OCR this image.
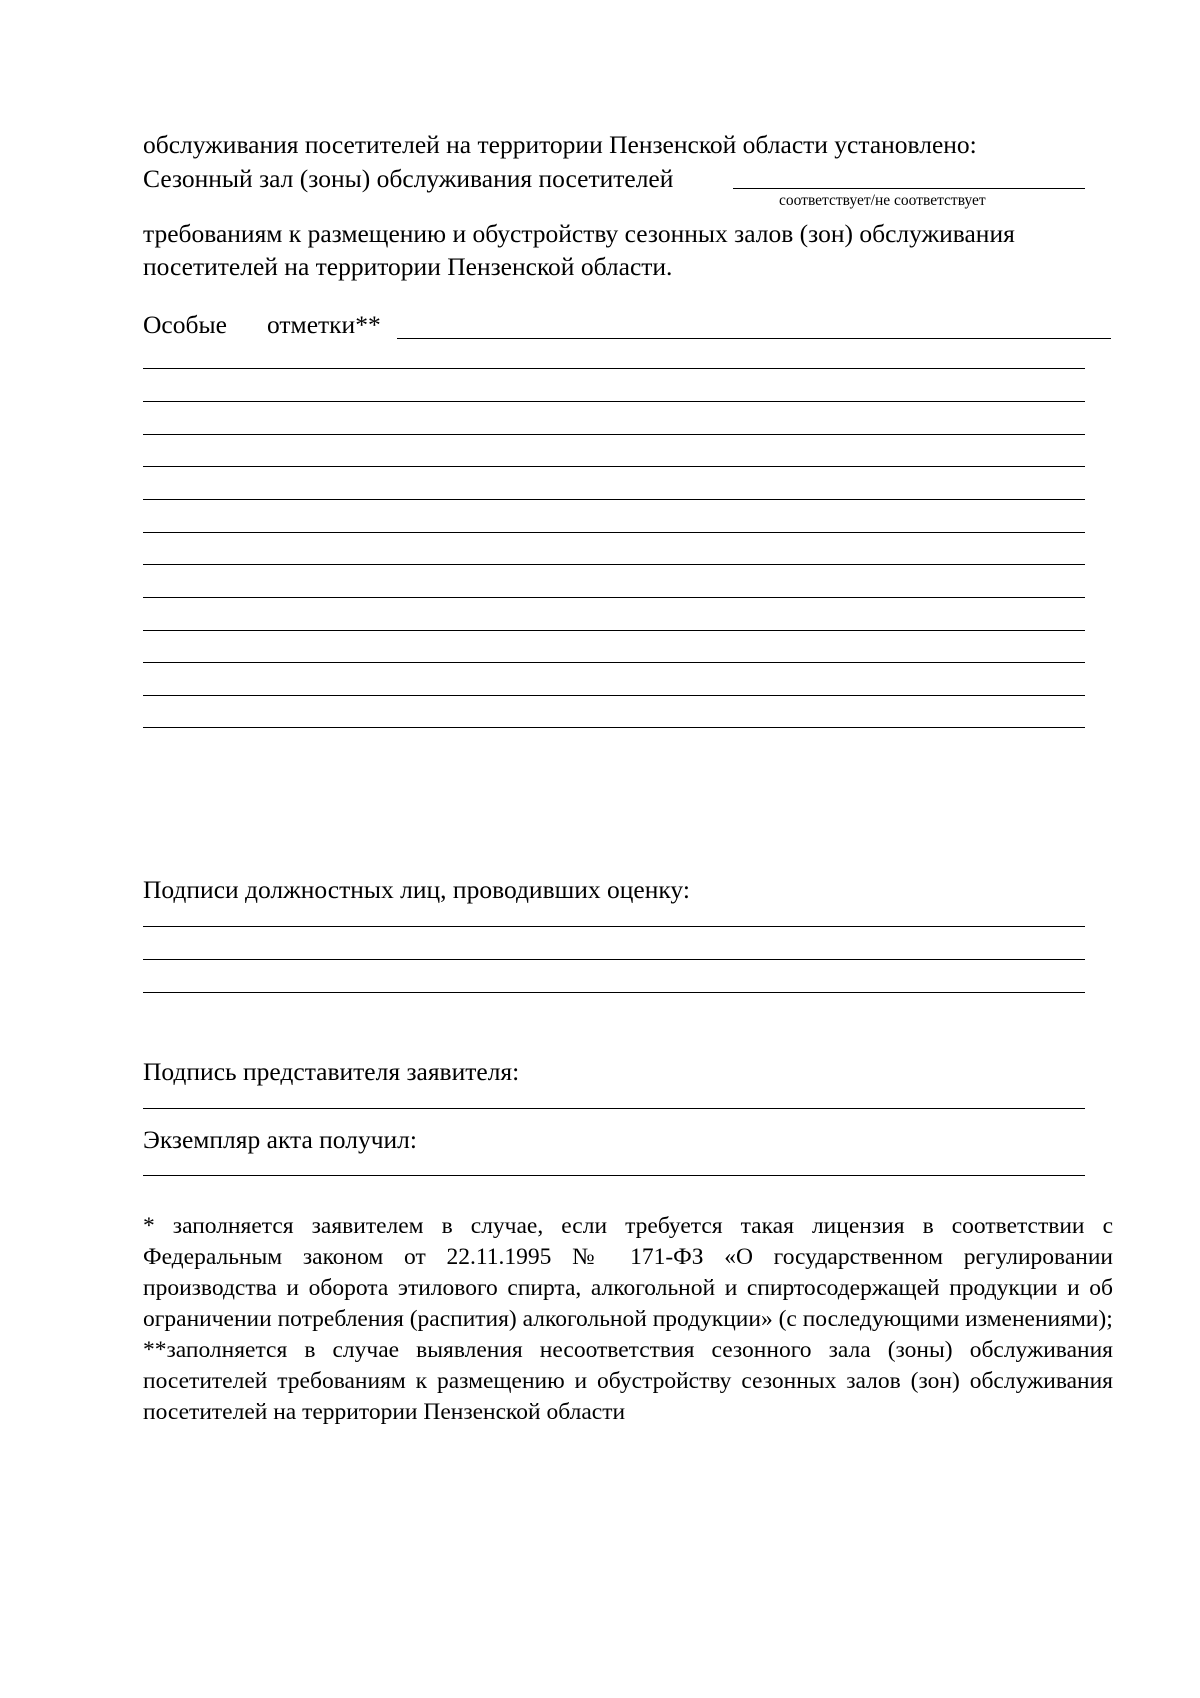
обслуживания посетителей на территории Пензенской области установлено:
Сезонный зал (зоны) обслуживания посетителей
соответствует/не соответствует
требованиям к размещению и обустройству сезонных залов (зон) обслуживания
посетителей на территории Пензенской области.
Особые отметки**
Подписи должностных лиц, проводивших оценку:
Подпись представителя заявителя:
Экземпляр акта получил:

* заполняется заявителем в случае, если требуется такая лицензия в соответствии с Федеральным законом от 22.11.1995 № 171-ФЗ «О государственном регулировании производства и оборота этилового спирта, алкогольной и спиртосодержащей продукции и об ограничении потребления (распития) алкогольной продукции» (с последующими изменениями);

**заполняется в случае выявления несоответствия сезонного зала (зоны) обслуживания посетителей требованиям к размещению и обустройству сезонных залов (зон) обслуживания посетителей на территории Пензенской области
